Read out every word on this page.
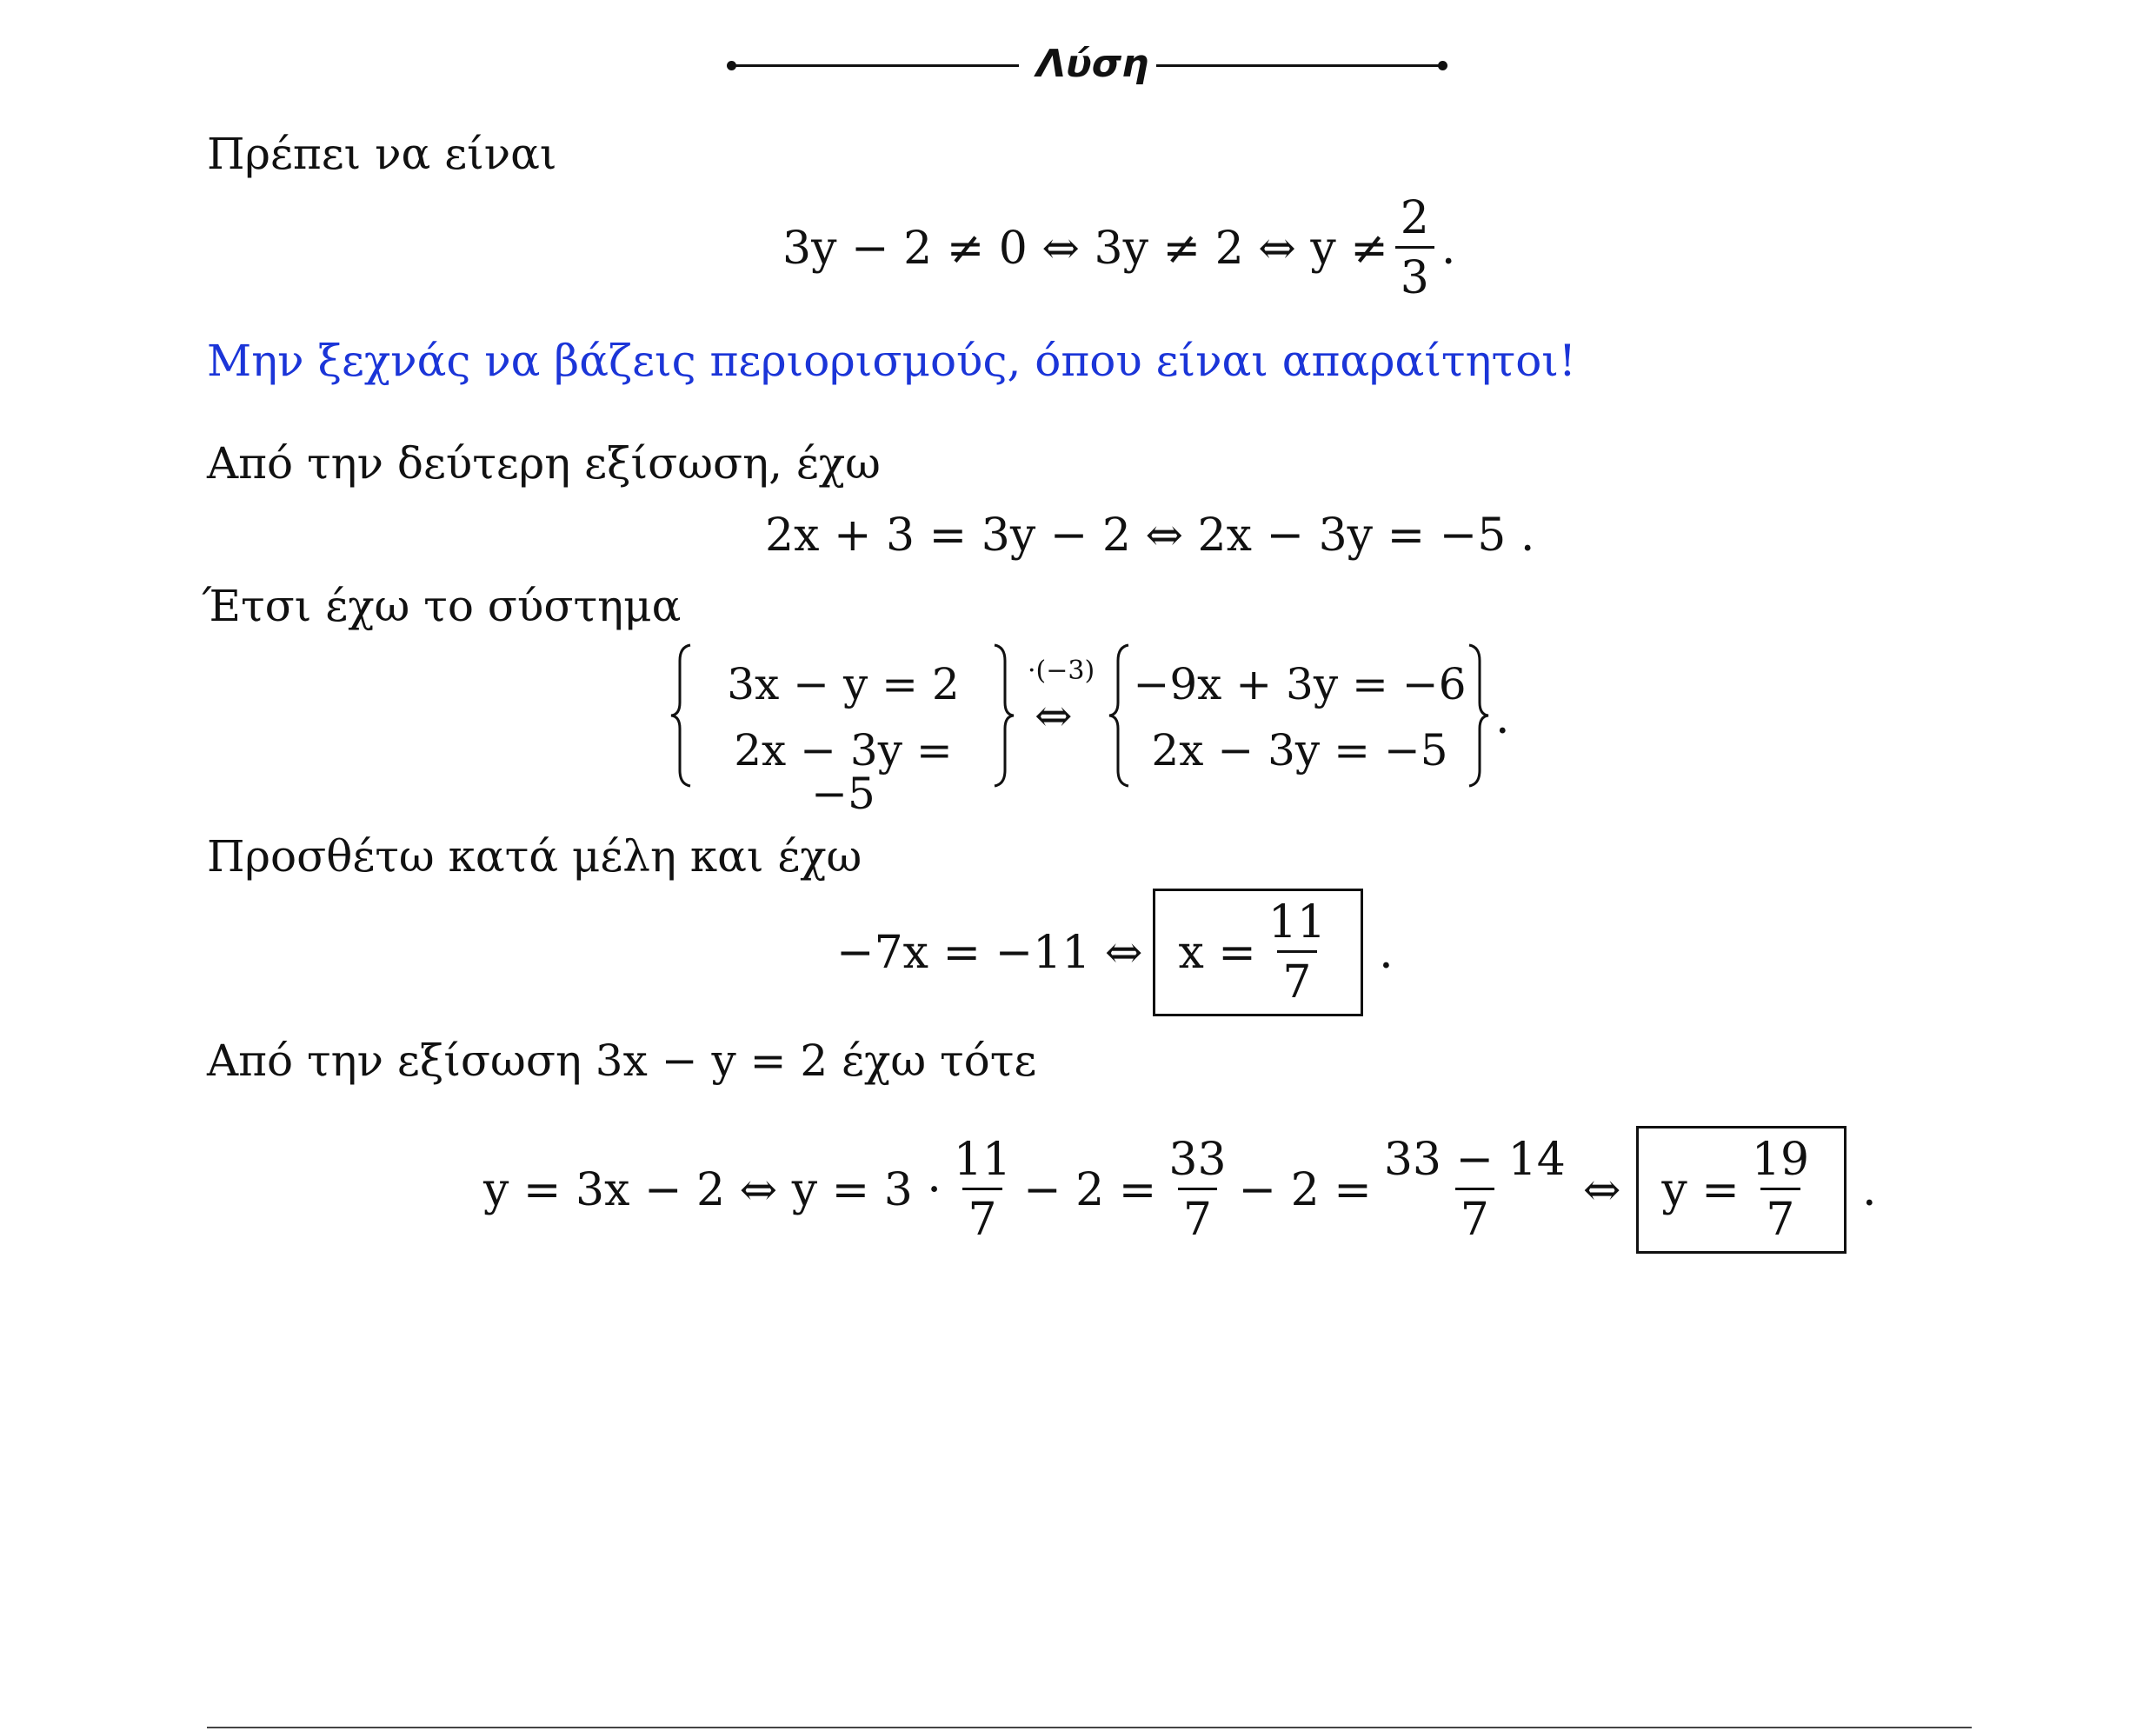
Λύση
Πρέπει να είναι
3y − 2 ≠ 0 ⇔ 3y ≠ 2 ⇔ $y \ne \frac{2}{3}$ .
Μην ξεχνάς να βάζεις περιορισμούς, όπου είναι απαραίτητοι!
Από την δεύτερη εξίσωση, έχω
2x + 3 = 3y − 2 ⇔ 2x − 3y = −5 .
Έτσι έχω το σύστημα
3x − y = 2
2x − 3y = −5
·(−3)
⇔
−9x + 3y = −6
2x − 3y = −5
.
Προσθέτω κατά μέλη και έχω
−7x = −11 ⇔ $x = \frac{11}{7}$ .
Από την εξίσωση 3x − y = 2 έχω τότε
y = 3x − 2 ⇔ $y = 3 \cdot \frac{11}{7} - 2 = \frac{33}{7} - 2 = \frac{33 - 14}{7}$ ⇔ $y = \frac{19}{7}$ .
